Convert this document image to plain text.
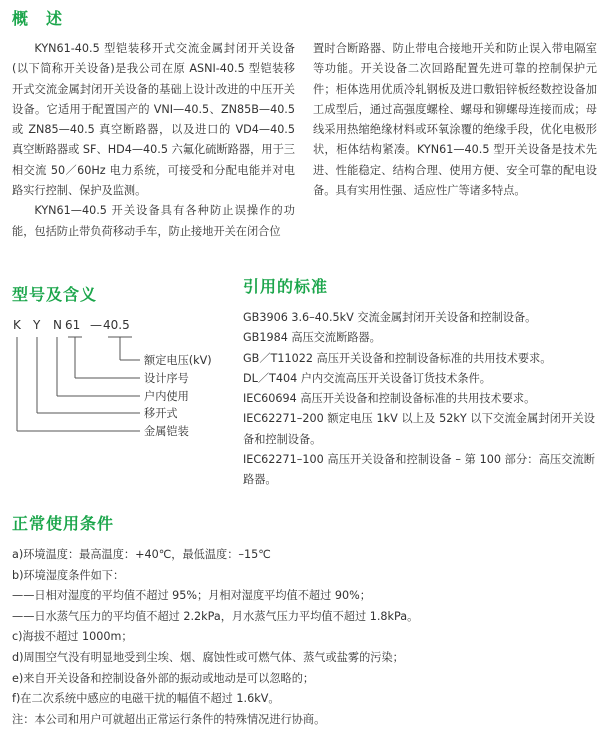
概　述

KYN61-40.5 型铠装移开式交流金属封闭开关设备(以下简称开关设备)是我公司在原 ASNI-40.5 型铠装移开式交流金属封闭开关设备的基础上设计改进的中压开关设备。它适用于配置国产的 VNI—40.5、ZN85B—40.5 或 ZN85—40.5 真空断路器，以及进口的 VD4—40.5 真空断路器或 SF、HD4—40.5 六氟化硫断路器，用于三相交流 50／60Hz 电力系统，可接受和分配电能并对电路实行控制、保护及监测。

KYN61—40.5 开关设备具有各种防止误操作的功能，包括防止带负荷移动手车，防止接地开关在闭合位

置时合断路器、防止带电合接地开关和防止误入带电隔室等功能。开关设备二次回路配置先进可靠的控制保护元件；柜体选用优质冷轧钢板及进口敷铝锌板经数控设备加工成型后，通过高强度螺栓、螺母和铆螺母连接而成；母线采用热缩绝缘材料或环氧涂覆的绝缘手段，优化电极形状，柜体结构紧凑。KYN61—40.5 型开关设备是技术先进、性能稳定、结构合理、使用方便、安全可靠的配电设备。具有实用性强、适应性广等诸多特点。

型号及含义
K Y N 61 — 40.5
额定电压(kV)
设计序号
户内使用
移开式
金属铠装
引用的标准
GB3906 3.6–40.5kV 交流金属封闭开关设备和控制设备。
GB1984 高压交流断路器。
GB／T11022 高压开关设备和控制设备标准的共用技术要求。
DL／T404 户内交流高压开关设备订货技术条件。
IEC60694 高压开关设备和控制设备标准的共用技术要求。
IEC62271–200 额定电压 1kV 以上及 52kY 以下交流金属封闭开关设备和控制设备。
IEC62271–100 高压开关设备和控制设备 – 第 100 部分：高压交流断路器。
正常使用条件
a)环境温度：最高温度：+40℃，最低温度：–15℃
b)环境湿度条件如下：
——日相对湿度的平均值不超过 95%；月相对湿度平均值不超过 90%；
——日水蒸气压力的平均值不超过 2.2kPa，月水蒸气压力平均值不超过 1.8kPa。
c)海拔不超过 1000m；
d)周围空气没有明显地受到尘埃、烟、腐蚀性或可燃气体、蒸气或盐雾的污染；
e)来自开关设备和控制设备外部的振动或地动是可以忽略的；
f)在二次系统中感应的电磁干扰的幅值不超过 1.6kV。
注：本公司和用户可就超出正常运行条件的特殊情况进行协商。
